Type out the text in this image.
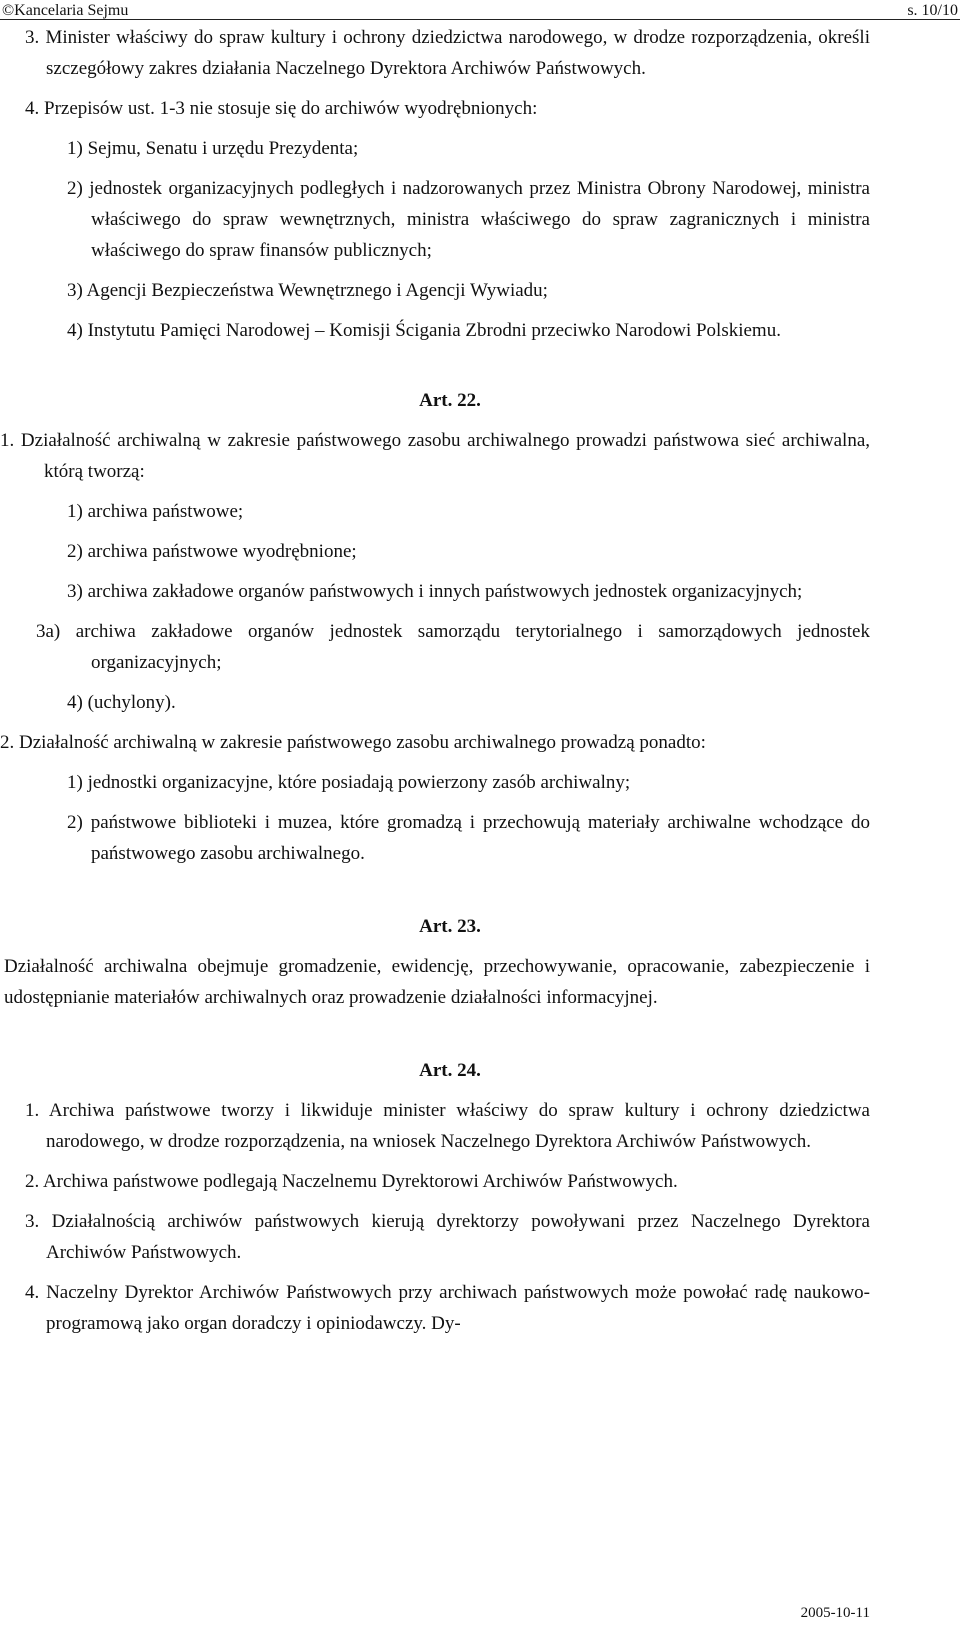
©Kancelaria Sejmu	s. 10/10
3. Minister właściwy do spraw kultury i ochrony dziedzictwa narodowego, w drodze rozporządzenia, określi szczegółowy zakres działania Naczelnego Dyrektora Archiwów Państwowych.
4. Przepisów ust. 1-3 nie stosuje się do archiwów wyodrębnionych:
1) Sejmu, Senatu i urzędu Prezydenta;
2) jednostek organizacyjnych podległych i nadzorowanych przez Ministra Obrony Narodowej, ministra właściwego do spraw wewnętrznych, ministra właściwego do spraw zagranicznych i ministra właściwego do spraw finansów publicznych;
3) Agencji Bezpieczeństwa Wewnętrznego i Agencji Wywiadu;
4) Instytutu Pamięci Narodowej – Komisji Ścigania Zbrodni przeciwko Narodowi Polskiemu.
Art. 22.
1. Działalność archiwalną w zakresie państwowego zasobu archiwalnego prowadzi państwowa sieć archiwalna, którą tworzą:
1) archiwa państwowe;
2) archiwa państwowe wyodrębnione;
3) archiwa zakładowe organów państwowych i innych państwowych jednostek organizacyjnych;
3a) archiwa zakładowe organów jednostek samorządu terytorialnego i samorządowych jednostek organizacyjnych;
4) (uchylony).
2. Działalność archiwalną w zakresie państwowego zasobu archiwalnego prowadzą ponadto:
1) jednostki organizacyjne, które posiadają powierzony zasób archiwalny;
2) państwowe biblioteki i muzea, które gromadzą i przechowują materiały archiwalne wchodzące do państwowego zasobu archiwalnego.
Art. 23.
Działalność archiwalna obejmuje gromadzenie, ewidencję, przechowywanie, opracowanie, zabezpieczenie i udostępnianie materiałów archiwalnych oraz prowadzenie działalności informacyjnej.
Art. 24.
1. Archiwa państwowe tworzy i likwiduje minister właściwy do spraw kultury i ochrony dziedzictwa narodowego, w drodze rozporządzenia, na wniosek Naczelnego Dyrektora Archiwów Państwowych.
2. Archiwa państwowe podlegają Naczelnemu Dyrektorowi Archiwów Państwowych.
3. Działalnością archiwów państwowych kierują dyrektorzy powoływani przez Naczelnego Dyrektora Archiwów Państwowych.
4. Naczelny Dyrektor Archiwów Państwowych przy archiwach państwowych może powołać radę naukowo-programową jako organ doradczy i opiniodawczy. Dy-
2005-10-11
